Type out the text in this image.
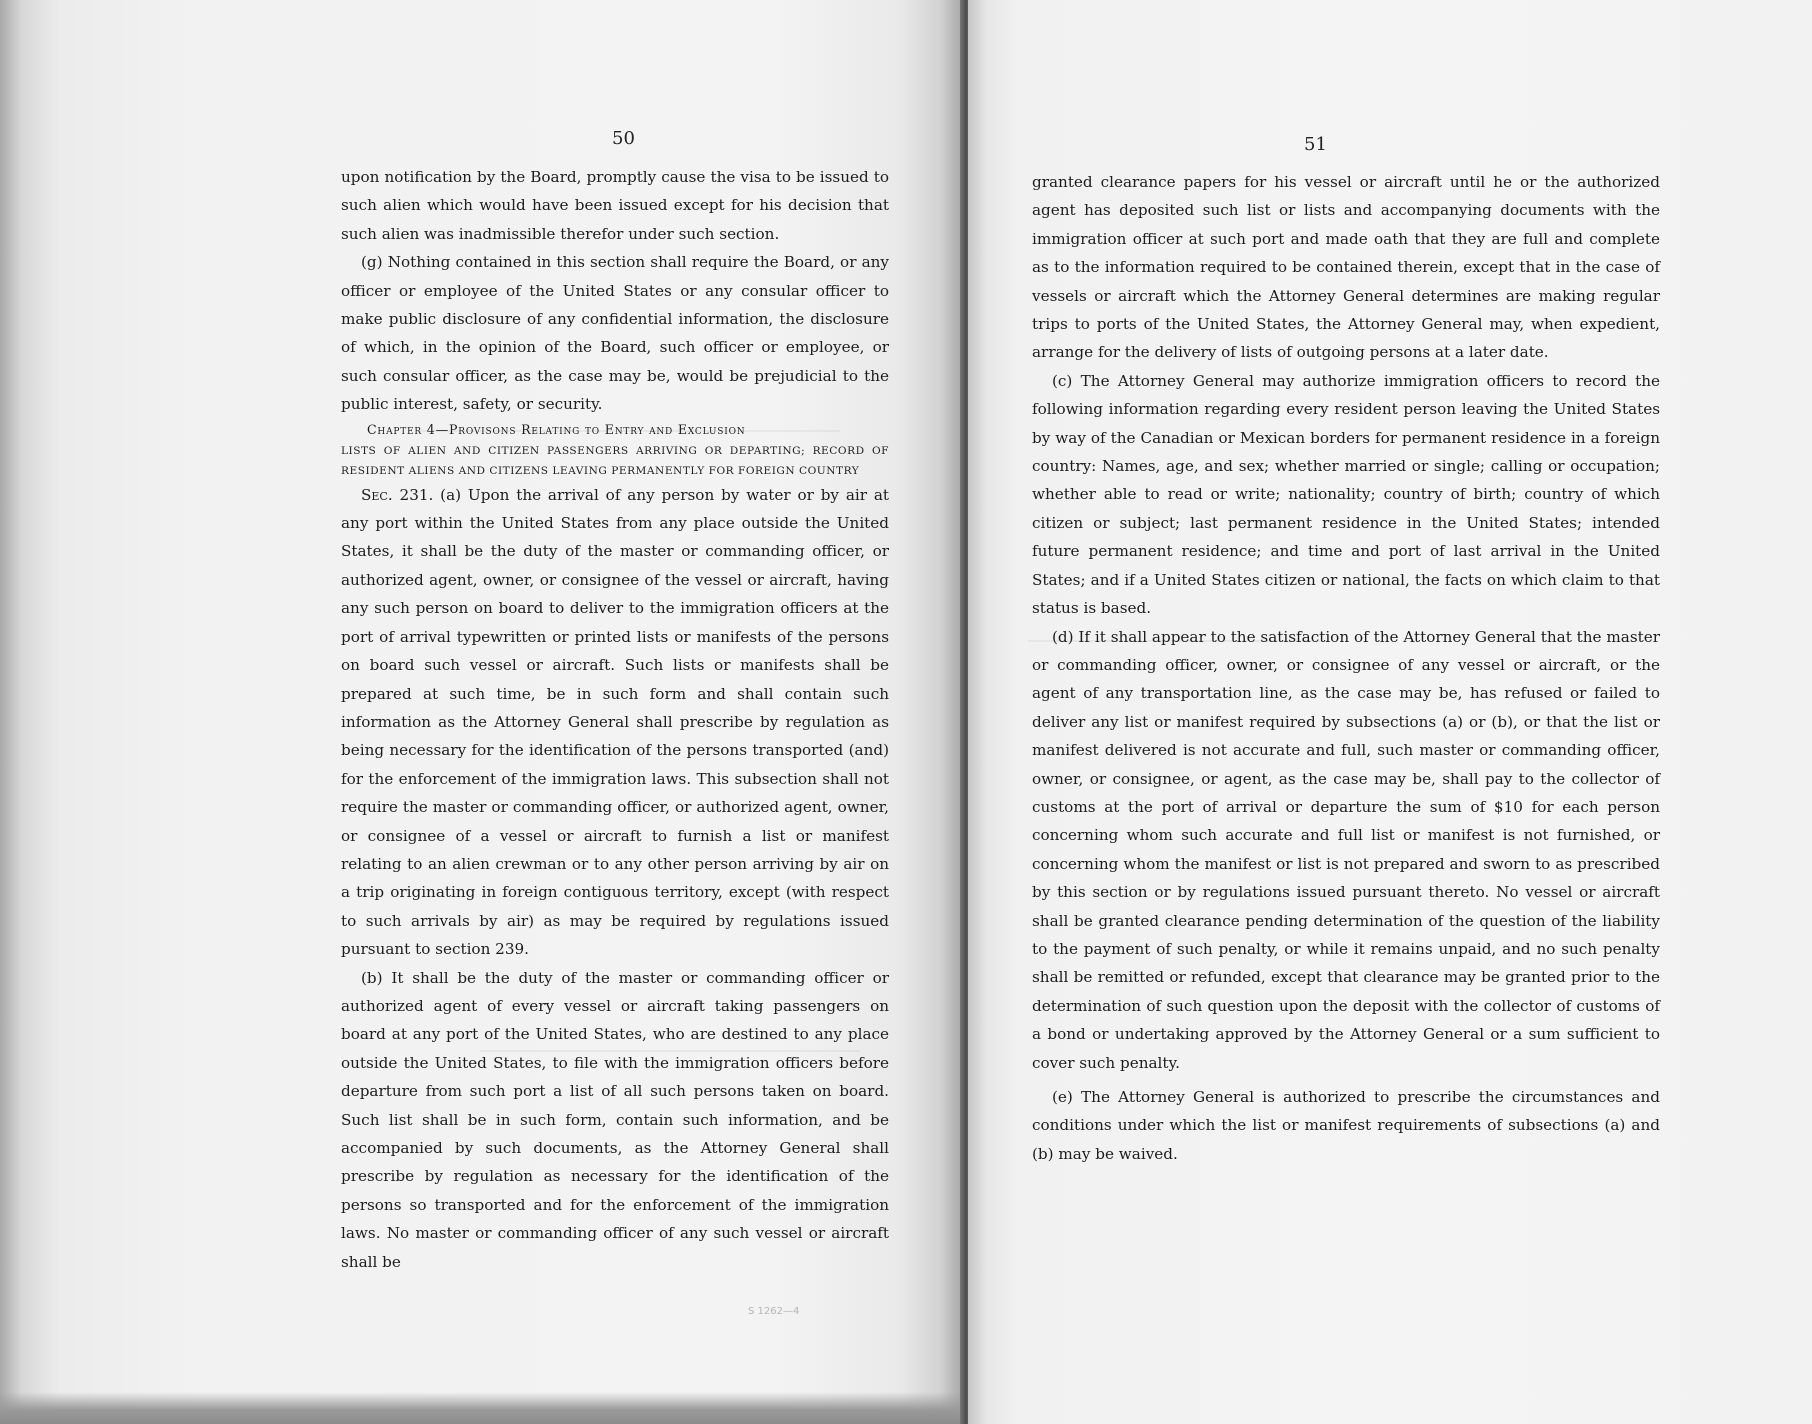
50

upon notification by the Board, promptly cause the visa to be issued to such alien which would have been issued except for his decision that such alien was inadmissible therefor under such section.

(g) Nothing contained in this section shall require the Board, or any officer or employee of the United States or any consular officer to make public disclosure of any confidential information, the disclosure of which, in the opinion of the Board, such officer or employee, or such consular officer, as the case may be, would be prejudicial to the public interest, safety, or security.

Chapter 4—Provisons Relating to Entry and Exclusion

LISTS OF ALIEN AND CITIZEN PASSENGERS ARRIVING OR DEPARTING; RECORD OF RESIDENT ALIENS AND CITIZENS LEAVING PERMANENTLY FOR FOREIGN COUNTRY

Sec. 231. (a) Upon the arrival of any person by water or by air at any port within the United States from any place outside the United States, it shall be the duty of the master or commanding officer, or authorized agent, owner, or consignee of the vessel or aircraft, having any such person on board to deliver to the immigration officers at the port of arrival typewritten or printed lists or manifests of the persons on board such vessel or aircraft. Such lists or manifests shall be prepared at such time, be in such form and shall contain such information as the Attorney General shall prescribe by regulation as being necessary for the identification of the persons transported (and) for the enforcement of the immigration laws. This subsection shall not require the master or commanding officer, or authorized agent, owner, or consignee of a vessel or aircraft to furnish a list or manifest relating to an alien crewman or to any other person arriving by air on a trip originating in foreign contiguous territory, except (with respect to such arrivals by air) as may be required by regulations issued pursuant to section 239.

(b) It shall be the duty of the master or commanding officer or authorized agent of every vessel or aircraft taking passengers on board at any port of the United States, who are destined to any place outside the United States, to file with the immigration officers before departure from such port a list of all such persons taken on board. Such list shall be in such form, contain such information, and be accompanied by such documents, as the Attorney General shall prescribe by regulation as necessary for the identification of the persons so transported and for the enforcement of the immigration laws. No master or commanding officer of any such vessel or aircraft shall be

S 1262—4
51

granted clearance papers for his vessel or aircraft until he or the authorized agent has deposited such list or lists and accompanying documents with the immigration officer at such port and made oath that they are full and complete as to the information required to be contained therein, except that in the case of vessels or aircraft which the Attorney General determines are making regular trips to ports of the United States, the Attorney General may, when expedient, arrange for the delivery of lists of outgoing persons at a later date.

(c) The Attorney General may authorize immigration officers to record the following information regarding every resident person leaving the United States by way of the Canadian or Mexican borders for permanent residence in a foreign country: Names, age, and sex; whether married or single; calling or occupation; whether able to read or write; nationality; country of birth; country of which citizen or subject; last permanent residence in the United States; intended future permanent residence; and time and port of last arrival in the United States; and if a United States citizen or national, the facts on which claim to that status is based.

(d) If it shall appear to the satisfaction of the Attorney General that the master or commanding officer, owner, or consignee of any vessel or aircraft, or the agent of any transportation line, as the case may be, has refused or failed to deliver any list or manifest required by subsections (a) or (b), or that the list or manifest delivered is not accurate and full, such master or commanding officer, owner, or consignee, or agent, as the case may be, shall pay to the collector of customs at the port of arrival or departure the sum of $10 for each person concerning whom such accurate and full list or manifest is not furnished, or concerning whom the manifest or list is not prepared and sworn to as prescribed by this section or by regulations issued pursuant thereto. No vessel or aircraft shall be granted clearance pending determination of the question of the liability to the payment of such penalty, or while it remains unpaid, and no such penalty shall be remitted or refunded, except that clearance may be granted prior to the determination of such question upon the deposit with the collector of customs of a bond or undertaking approved by the Attorney General or a sum sufficient to cover such penalty.

(e) The Attorney General is authorized to prescribe the circumstances and conditions under which the list or manifest requirements of subsections (a) and (b) may be waived.
